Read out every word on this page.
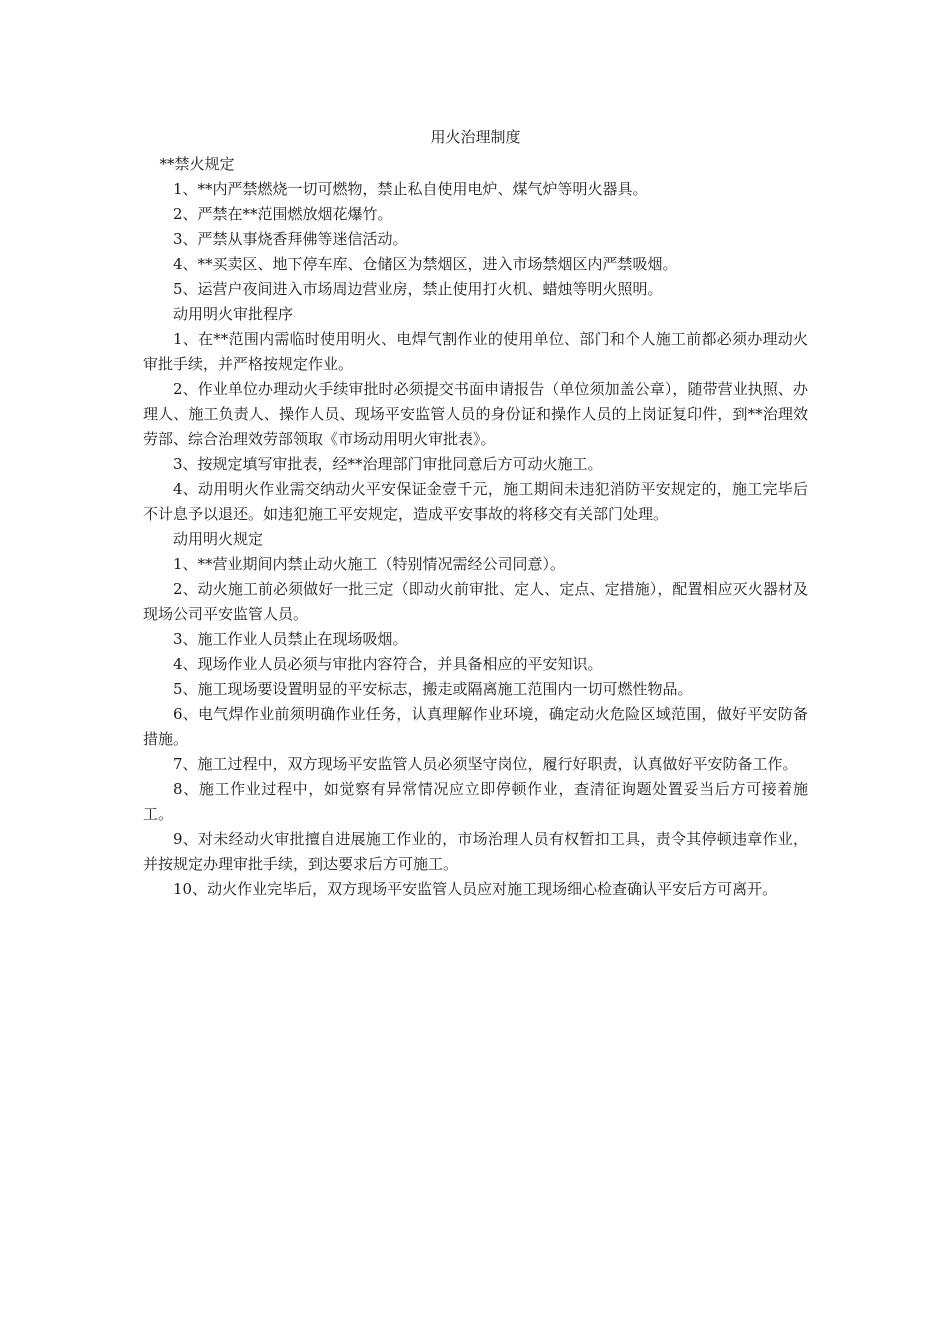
用火治理制度
**禁火规定
1、**内严禁燃烧一切可燃物，禁止私自使用电炉、煤气炉等明火器具。
2、严禁在**范围燃放烟花爆竹。
3、严禁从事烧香拜佛等迷信活动。
4、**买卖区、地下停车库、仓储区为禁烟区，进入市场禁烟区内严禁吸烟。
5、运营户夜间进入市场周边营业房，禁止使用打火机、蜡烛等明火照明。
动用明火审批程序
1、在**范围内需临时使用明火、电焊气割作业的使用单位、部门和个人施工前都必须办理动火审批手续，并严格按规定作业。
2、作业单位办理动火手续审批时必须提交书面申请报告（单位须加盖公章），随带营业执照、办理人、施工负责人、操作人员、现场平安监管人员的身份证和操作人员的上岗证复印件，到**治理效劳部、综合治理效劳部领取《市场动用明火审批表》。
3、按规定填写审批表，经**治理部门审批同意后方可动火施工。
4、动用明火作业需交纳动火平安保证金壹千元，施工期间未违犯消防平安规定的，施工完毕后不计息予以退还。如违犯施工平安规定，造成平安事故的将移交有关部门处理。
动用明火规定
1、**营业期间内禁止动火施工（特别情况需经公司同意）。
2、动火施工前必须做好一批三定（即动火前审批、定人、定点、定措施），配置相应灭火器材及现场公司平安监管人员。
3、施工作业人员禁止在现场吸烟。
4、现场作业人员必须与审批内容符合，并具备相应的平安知识。
5、施工现场要设置明显的平安标志，搬走或隔离施工范围内一切可燃性物品。
6、电气焊作业前须明确作业任务，认真理解作业环境，确定动火危险区域范围，做好平安防备措施。
7、施工过程中，双方现场平安监管人员必须坚守岗位，履行好职责，认真做好平安防备工作。
8、施工作业过程中，如觉察有异常情况应立即停顿作业，查清征询题处置妥当后方可接着施工。
9、对未经动火审批擅自进展施工作业的，市场治理人员有权暂扣工具，责令其停顿违章作业，并按规定办理审批手续，到达要求后方可施工。
10、动火作业完毕后，双方现场平安监管人员应对施工现场细心检查确认平安后方可离开。
